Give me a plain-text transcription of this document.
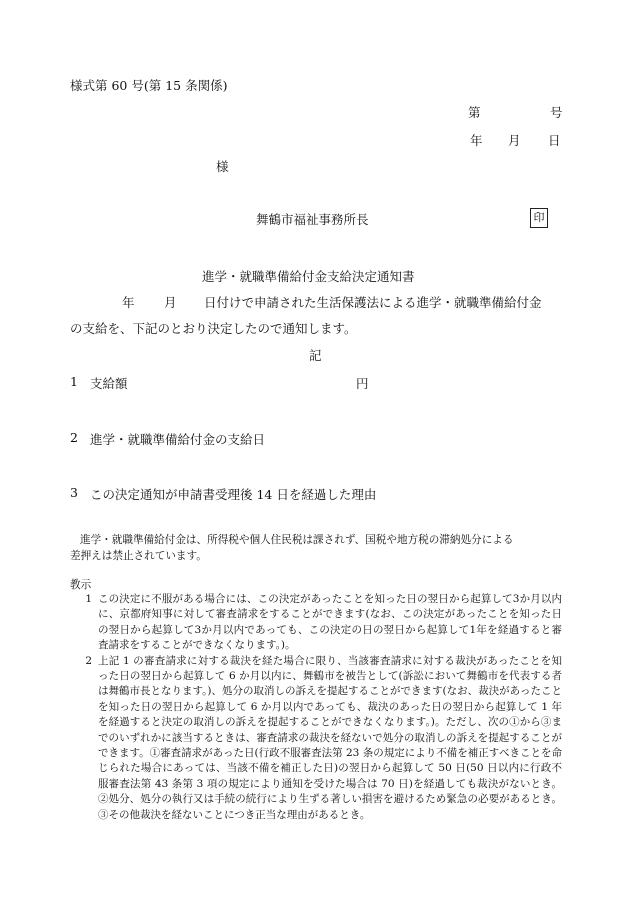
様式第 60 号(第 15 条関係)
第	号
年 月 日
様
舞鶴市福祉事務所長	印
進学・就職準備給付金支給決定通知書
年 月 日付けで申請された生活保護法による進学・就職準備給付金
の支給を、下記のとおり決定したので通知します。
記
1 支給額	円
2 進学・就職準備給付金の支給日
3 この決定通知が申請書受理後 14 日を経過した理由
進学・就職準備給付金は、所得税や個人住民税は課されず、国税や地方税の滞納処分による
差押えは禁止されています。
教示
1 この決定に不服がある場合には、この決定があったことを知った日の翌日から起算して3か月以内に、京都府知事に対して審査請求をすることができます(なお、この決定があったことを知った日の翌日から起算して3か月以内であっても、この決定の日の翌日から起算して1年を経過すると審査請求をすることができなくなります。)。
2 上記 1 の審査請求に対する裁決を経た場合に限り、当該審査請求に対する裁決があったことを知った日の翌日から起算して 6 か月以内に、舞鶴市を被告として(訴訟において舞鶴市を代表する者は舞鶴市長となります。)、処分の取消しの訴えを提起することができます(なお、裁決があったことを知った日の翌日から起算して 6 か月以内であっても、裁決のあった日の翌日から起算して 1 年を経過すると決定の取消しの訴えを提起することができなくなります。)。ただし、次の①から③までのいずれかに該当するときは、審査請求の裁決を経ないで処分の取消しの訴えを提起することができます。①審査請求があった日(行政不服審査法第 23 条の規定により不備を補正すべきことを命じられた場合にあっては、当該不備を補正した日)の翌日から起算して 50 日(50 日以内に行政不服審査法第 43 条第 3 項の規定により通知を受けた場合は 70 日)を経過しても裁決がないとき。②処分、処分の執行又は手続の続行により生ずる著しい損害を避けるため緊急の必要があるとき。③その他裁決を経ないことにつき正当な理由があるとき。
